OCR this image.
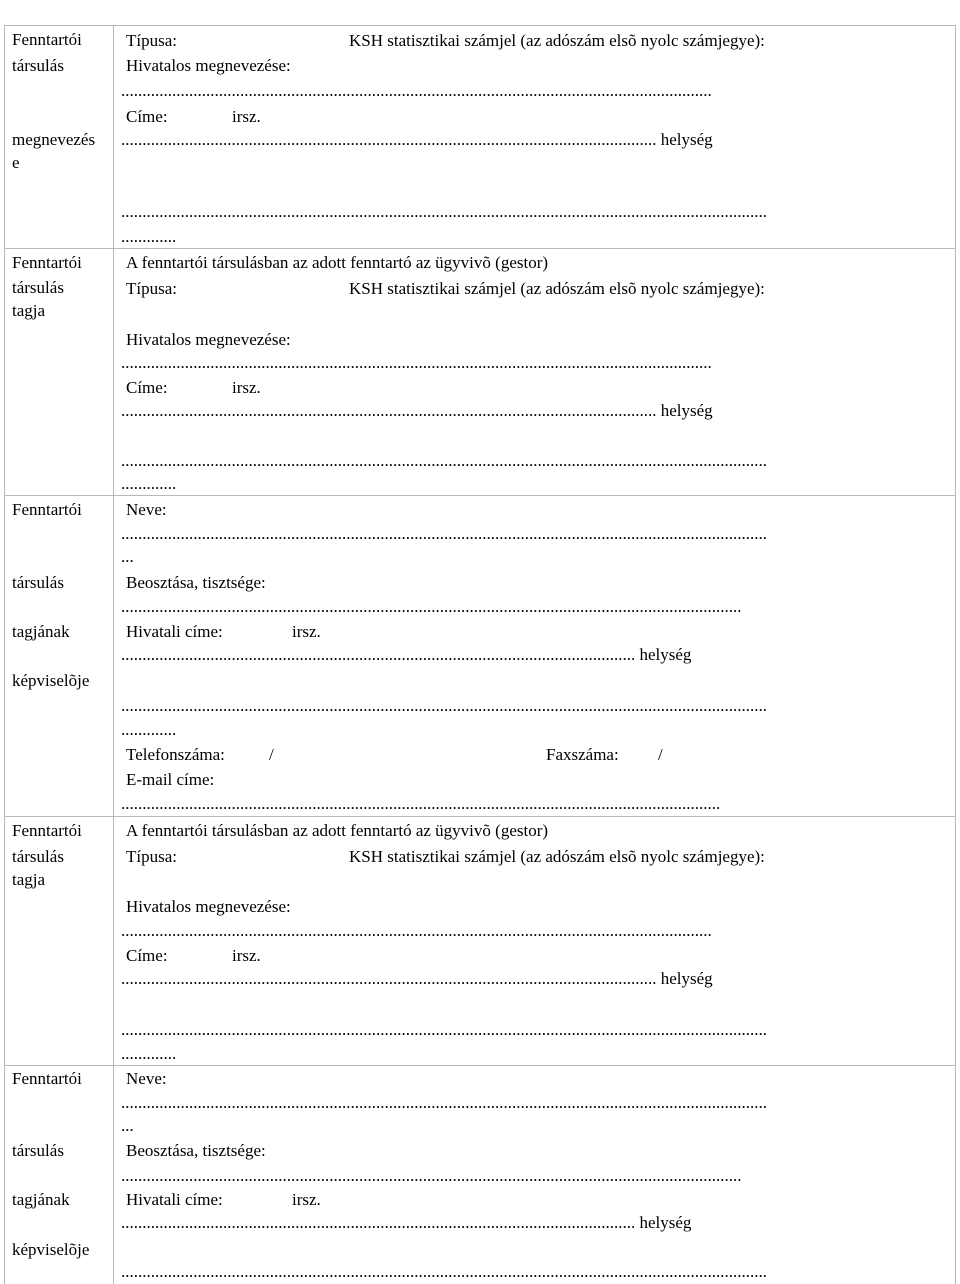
Fenntartói
társulás
megnevezés
e
Típusa:	KSH statisztikai számjel (az adószám elsõ nyolc számjegye):
Hivatalos megnevezése:
...........................................................................................................................................
Címe:	irsz.
.............................................................................................................................. helység
........................................................................................................................................................
.............
Fenntartói
társulás
tagja
A fenntartói társulásban az adott fenntartó az ügyvivõ (gestor)
Típusa:	KSH statisztikai számjel (az adószám elsõ nyolc számjegye):
Hivatalos megnevezése:
...........................................................................................................................................
Címe:	irsz.
.............................................................................................................................. helység
........................................................................................................................................................
.............
Fenntartói
társulás
tagjának
képviselõje
Neve:
........................................................................................................................................................
...
Beosztása, tisztsége:
..................................................................................................................................................
Hivatali címe:	irsz.
......................................................................................................................... helység
........................................................................................................................................................
.............
Telefonszáma:	/	Faxszáma: /
E-mail címe:
.............................................................................................................................................
Fenntartói
társulás
tagja
A fenntartói társulásban az adott fenntartó az ügyvivõ (gestor)
Típusa:	KSH statisztikai számjel (az adószám elsõ nyolc számjegye):
Hivatalos megnevezése:
...........................................................................................................................................
Címe:	irsz.
.............................................................................................................................. helység
........................................................................................................................................................
.............
Fenntartói
társulás
tagjának
képviselõje
Neve:
........................................................................................................................................................
...
Beosztása, tisztsége:
..................................................................................................................................................
Hivatali címe:	irsz.
......................................................................................................................... helység
........................................................................................................................................................
